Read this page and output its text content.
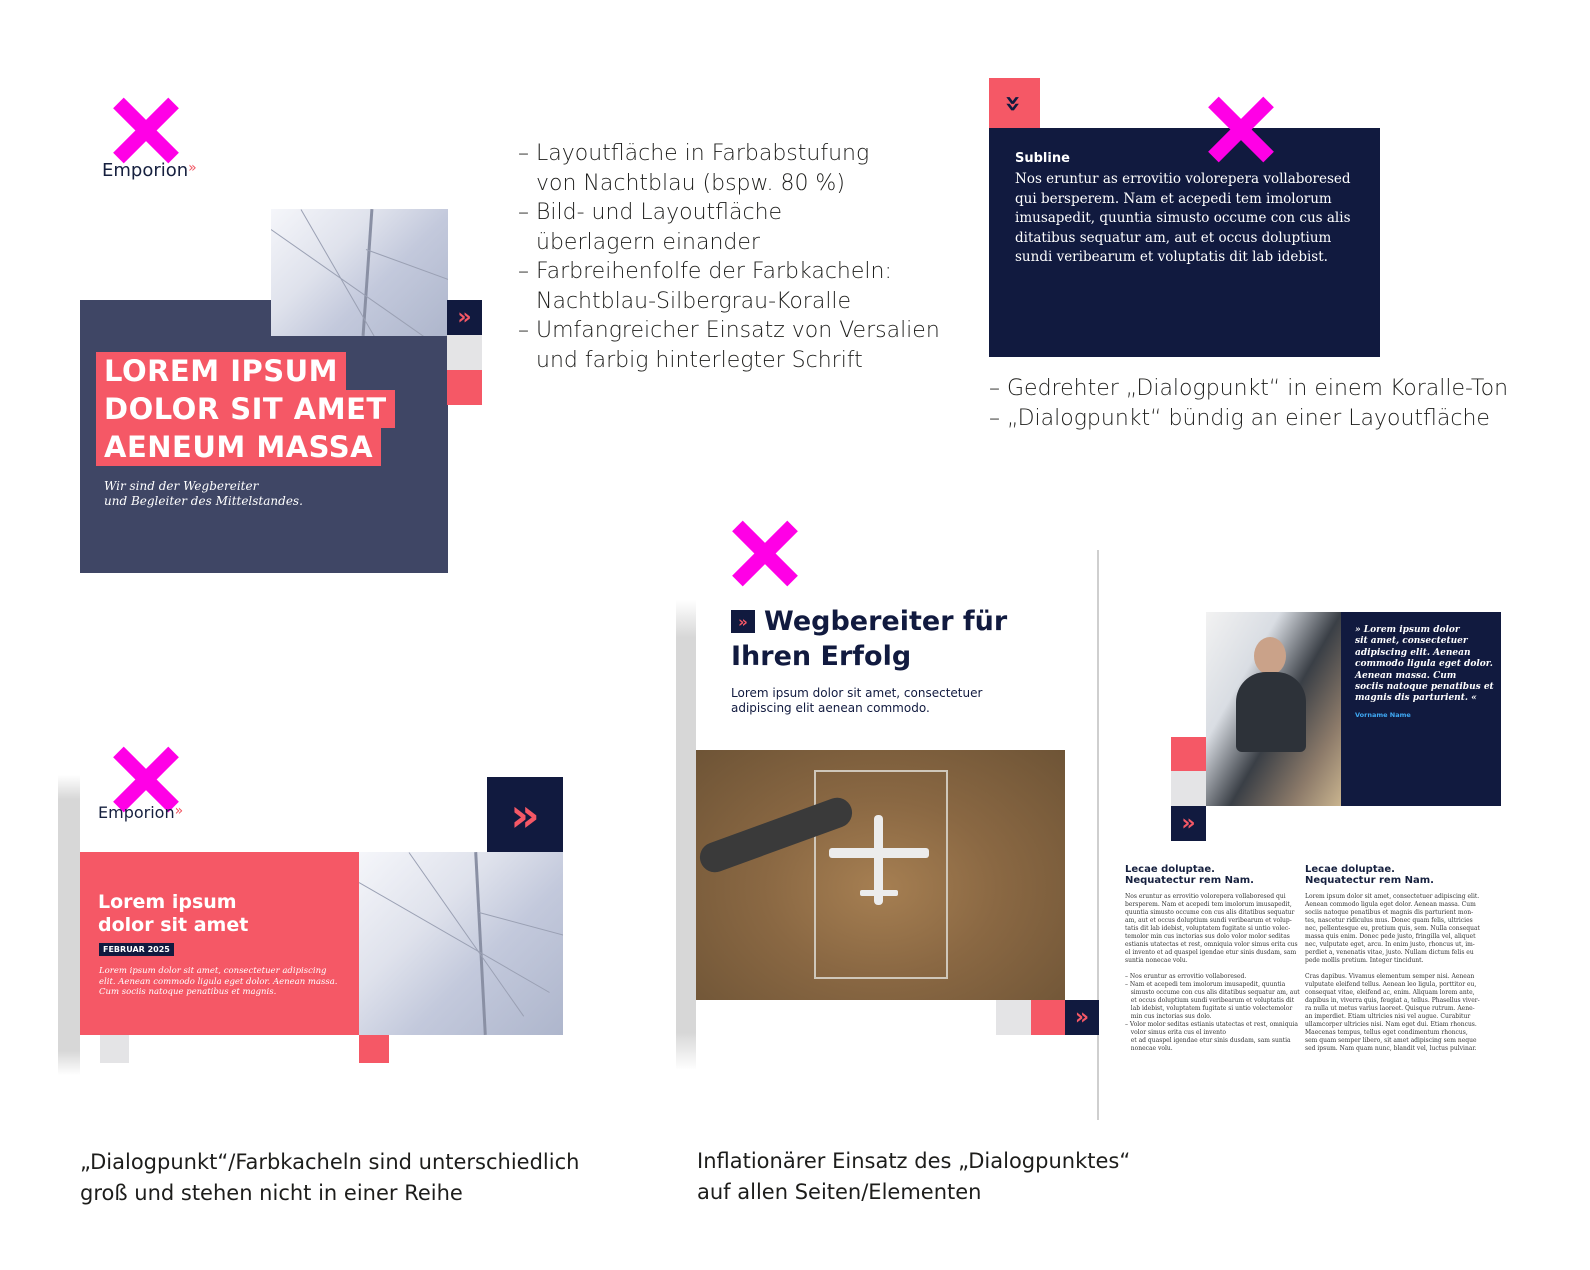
Emporion»
»
LOREM IPSUM
DOLOR SIT AMET
AENEUM MASSA
Wir sind der Wegbereiter
und Begleiter des Mittelstandes.
– Layoutfläche in Farbabstufung
von Nachtblau (bspw. 80 %)
– Bild- und Layoutfläche
überlagern einander
– Farbreihenfolfe der Farbkacheln:
Nachtblau-Silbergrau-Koralle
– Umfangreicher Einsatz von Versalien
und farbig hinterlegter Schrift
»
Subline
Nos eruntur as errovitio volorepera vollaboresed
qui bersperem. Nam et acepedi tem imolorum
imusapedit, quuntia simusto occume con cus alis
ditatibus sequatur am, aut et occus doluptium
sundi veribearum et voluptatis dit lab idebist.
– Gedrehter „Dialogpunkt“ in einem Koralle-Ton
– „Dialogpunkt“ bündig an einer Layoutfläche
Emporion»	»
Lorem ipsum
dolor sit amet
FEBRUAR 2025
Lorem ipsum dolor sit amet, consectetuer adipiscing
elit. Aenean commodo ligula eget dolor. Aenean massa.
Cum sociis natoque penatibus et magnis.
„Dialogpunkt“/Farbkacheln sind unterschiedlich
groß und stehen nicht in einer Reihe
» Wegbereiter für
Ihren Erfolg
Lorem ipsum dolor sit amet, consectetuer
adipiscing elit aenean commodo.
»
» Lorem ipsum dolor
sit amet, consectetuer
adipiscing elit. Aenean
commodo ligula eget dolor.
Aenean massa. Cum
sociis natoque penatibus et
magnis dis parturient. «
Vorname Name
»
Lecae doluptae.
Nequatectur rem Nam.
Lecae doluptae.
Nequatectur rem Nam.
Nos eruntur as errovitio volorepera vollaboresed qui
bersperem. Nam et acepedi tem imolorum imusapedit,
quuntia simusto occume con cus alis ditatibus sequatur
am, aut et occus doluptium sundi veribearum et volup-
tatis dit lab idebist, voluptatem fugitate si untio volec-
temolor min cus inctorias sus dolo volor molor seditas
estianis utatectas et rest, omniquia volor simus erita cus
el invento et ad quaspel igendae etur sinis dusdam, sam
suntia nonecae volu.
– Nos eruntur as errovitio vollaboresed.
– Nam et acepedi tem imolorum imusapedit, quuntia
simusto occume con cus alis ditatibus sequatur am, aut
et occus doluptium sundi veribearum et voluptatis dit
lab idebist, voluptatem fugitate si untio volectemolor
min cus inctorias sus dolo.
– Volor molor seditas estianis utatectas et rest, omniquia
volor simus erita cus el invento
et ad quaspel igendae etur sinis dusdam, sam suntia
nonecae volu.
Lorem ipsum dolor sit amet, consectetuer adipiscing elit.
Aenean commodo ligula eget dolor. Aenean massa. Cum
sociis natoque penatibus et magnis dis parturient mon-
tes, nascetur ridiculus mus. Donec quam felis, ultricies
nec, pellentesque eu, pretium quis, sem. Nulla consequat
massa quis enim. Donec pede justo, fringilla vel, aliquet
nec, vulputate eget, arcu. In enim justo, rhoncus ut, im-
perdiet a, venenatis vitae, justo. Nullam dictum felis eu
pede mollis pretium. Integer tincidunt.
Cras dapibus. Vivamus elementum semper nisi. Aenean
vulputate eleifend tellus. Aenean leo ligula, porttitor eu,
consequat vitae, eleifend ac, enim. Aliquam lorem ante,
dapibus in, viverra quis, feugiat a, tellus. Phasellus viver-
ra nulla ut metus varius laoreet. Quisque rutrum. Aene-
an imperdiet. Etiam ultricies nisi vel augue. Curabitur
ullamcorper ultricies nisi. Nam eget dui. Etiam rhoncus.
Maecenas tempus, tellus eget condimentum rhoncus,
sem quam semper libero, sit amet adipiscing sem neque
sed ipsum. Nam quam nunc, blandit vel, luctus pulvinar.
Inflationärer Einsatz des „Dialogpunktes“
auf allen Seiten/Elementen
